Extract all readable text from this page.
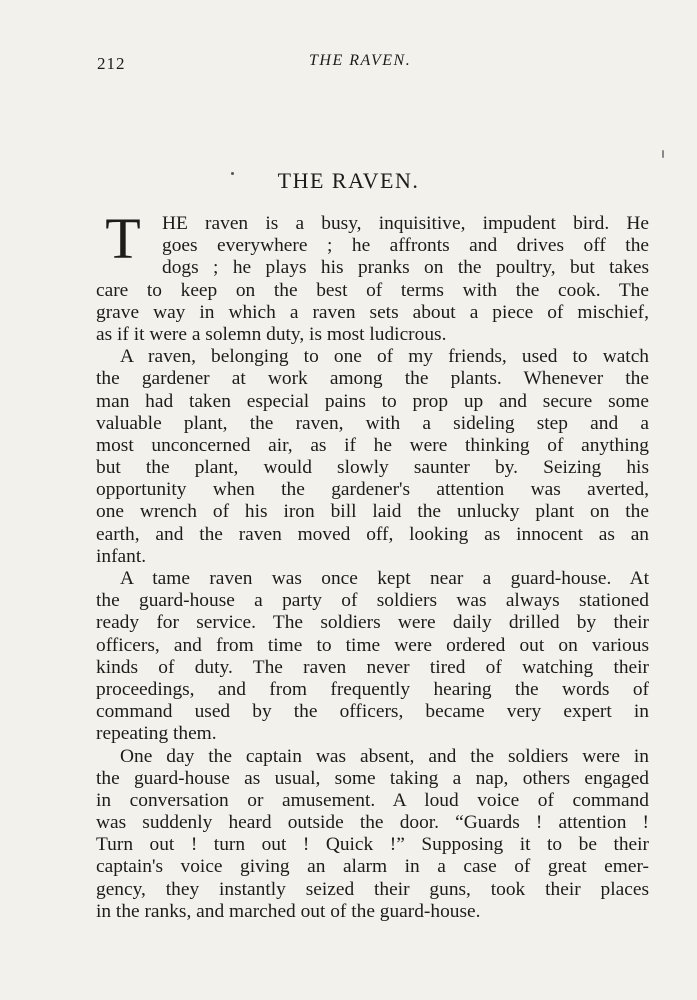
212	THE RAVEN.
THE RAVEN.
T	HE raven is a busy, inquisitive, impudent bird. He
goes everywhere ; he affronts and drives off the
dogs ; he plays his pranks on the poultry, but takes
care to keep on the best of terms with the cook. The
grave way in which a raven sets about a piece of mischief,
as if it were a solemn duty, is most ludicrous.
A raven, belonging to one of my friends, used to watch
the gardener at work among the plants. Whenever the
man had taken especial pains to prop up and secure some
valuable plant, the raven, with a sideling step and a
most unconcerned air, as if he were thinking of anything
but the plant, would slowly saunter by. Seizing his
opportunity when the gardener's attention was averted,
one wrench of his iron bill laid the unlucky plant on the
earth, and the raven moved off, looking as innocent as an
infant.
A tame raven was once kept near a guard-house. At
the guard-house a party of soldiers was always stationed
ready for service. The soldiers were daily drilled by their
officers, and from time to time were ordered out on various
kinds of duty. The raven never tired of watching their
proceedings, and from frequently hearing the words of
command used by the officers, became very expert in
repeating them.
One day the captain was absent, and the soldiers were in
the guard-house as usual, some taking a nap, others engaged
in conversation or amusement. A loud voice of command
was suddenly heard outside the door. “Guards ! attention !
Turn out ! turn out ! Quick !” Supposing it to be their
captain's voice giving an alarm in a case of great emer-
gency, they instantly seized their guns, took their places
in the ranks, and marched out of the guard-house.
